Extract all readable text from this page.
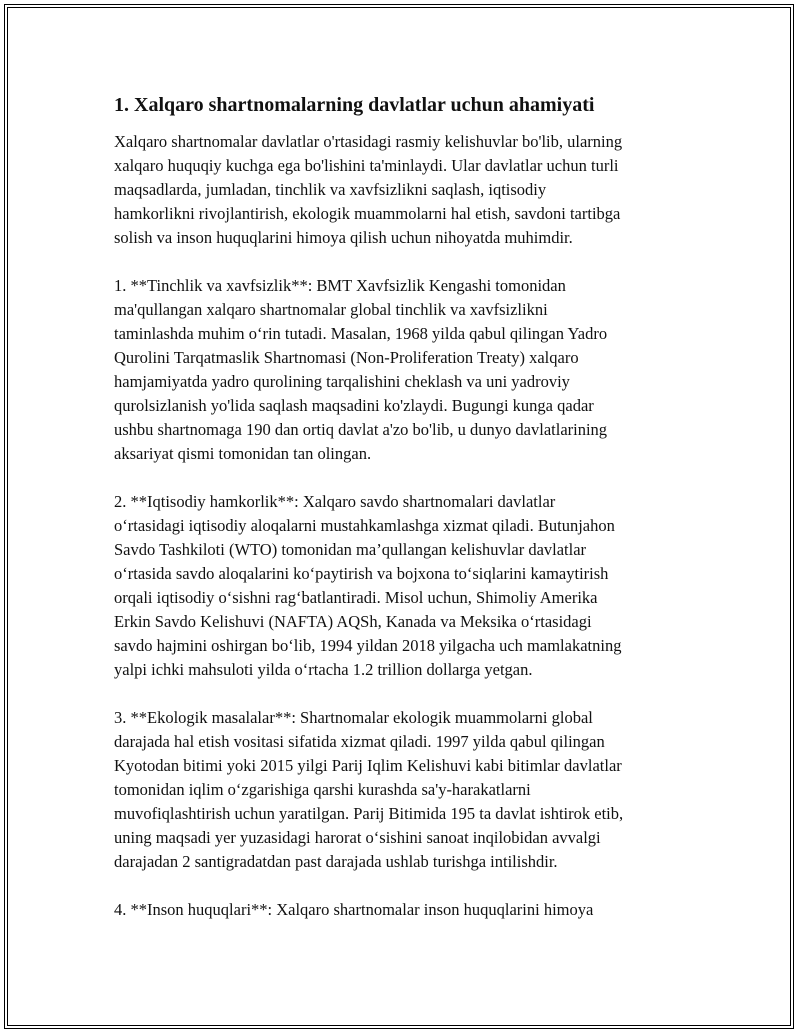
1. Xalqaro shartnomalarning davlatlar uchun ahamiyati
Xalqaro shartnomalar davlatlar o'rtasidagi rasmiy kelishuvlar bo'lib, ularning
xalqaro huquqiy kuchga ega bo'lishini ta'minlaydi. Ular davlatlar uchun turli
maqsadlarda, jumladan, tinchlik va xavfsizlikni saqlash, iqtisodiy
hamkorlikni rivojlantirish, ekologik muammolarni hal etish, savdoni tartibga
solish va inson huquqlarini himoya qilish uchun nihoyatda muhimdir.
1. **Tinchlik va xavfsizlik**: BMT Xavfsizlik Kengashi tomonidan
ma'qullangan xalqaro shartnomalar global tinchlik va xavfsizlikni
taminlashda muhim o‘rin tutadi. Masalan, 1968 yilda qabul qilingan Yadro
Qurolini Tarqatmaslik Shartnomasi (Non-Proliferation Treaty) xalqaro
hamjamiyatda yadro qurolining tarqalishini cheklash va uni yadroviy
qurolsizlanish yo'lida saqlash maqsadini ko'zlaydi. Bugungi kunga qadar
ushbu shartnomaga 190 dan ortiq davlat a'zo bo'lib, u dunyo davlatlarining
aksariyat qismi tomonidan tan olingan.
2. **Iqtisodiy hamkorlik**: Xalqaro savdo shartnomalari davlatlar
o‘rtasidagi iqtisodiy aloqalarni mustahkamlashga xizmat qiladi. Butunjahon
Savdo Tashkiloti (WTO) tomonidan ma’qullangan kelishuvlar davlatlar
o‘rtasida savdo aloqalarini ko‘paytirish va bojxona to‘siqlarini kamaytirish
orqali iqtisodiy o‘sishni rag‘batlantiradi. Misol uchun, Shimoliy Amerika
Erkin Savdo Kelishuvi (NAFTA) AQSh, Kanada va Meksika o‘rtasidagi
savdo hajmini oshirgan bo‘lib, 1994 yildan 2018 yilgacha uch mamlakatning
yalpi ichki mahsuloti yilda o‘rtacha 1.2 trillion dollarga yetgan.
3. **Ekologik masalalar**: Shartnomalar ekologik muammolarni global
darajada hal etish vositasi sifatida xizmat qiladi. 1997 yilda qabul qilingan
Kyotodan bitimi yoki 2015 yilgi Parij Iqlim Kelishuvi kabi bitimlar davlatlar
tomonidan iqlim o‘zgarishiga qarshi kurashda sa'y-harakatlarni
muvofiqlashtirish uchun yaratilgan. Parij Bitimida 195 ta davlat ishtirok etib,
uning maqsadi yer yuzasidagi harorat o‘sishini sanoat inqilobidan avvalgi
darajadan 2 santigradatdan past darajada ushlab turishga intilishdir.
4. **Inson huquqlari**: Xalqaro shartnomalar inson huquqlarini himoya
